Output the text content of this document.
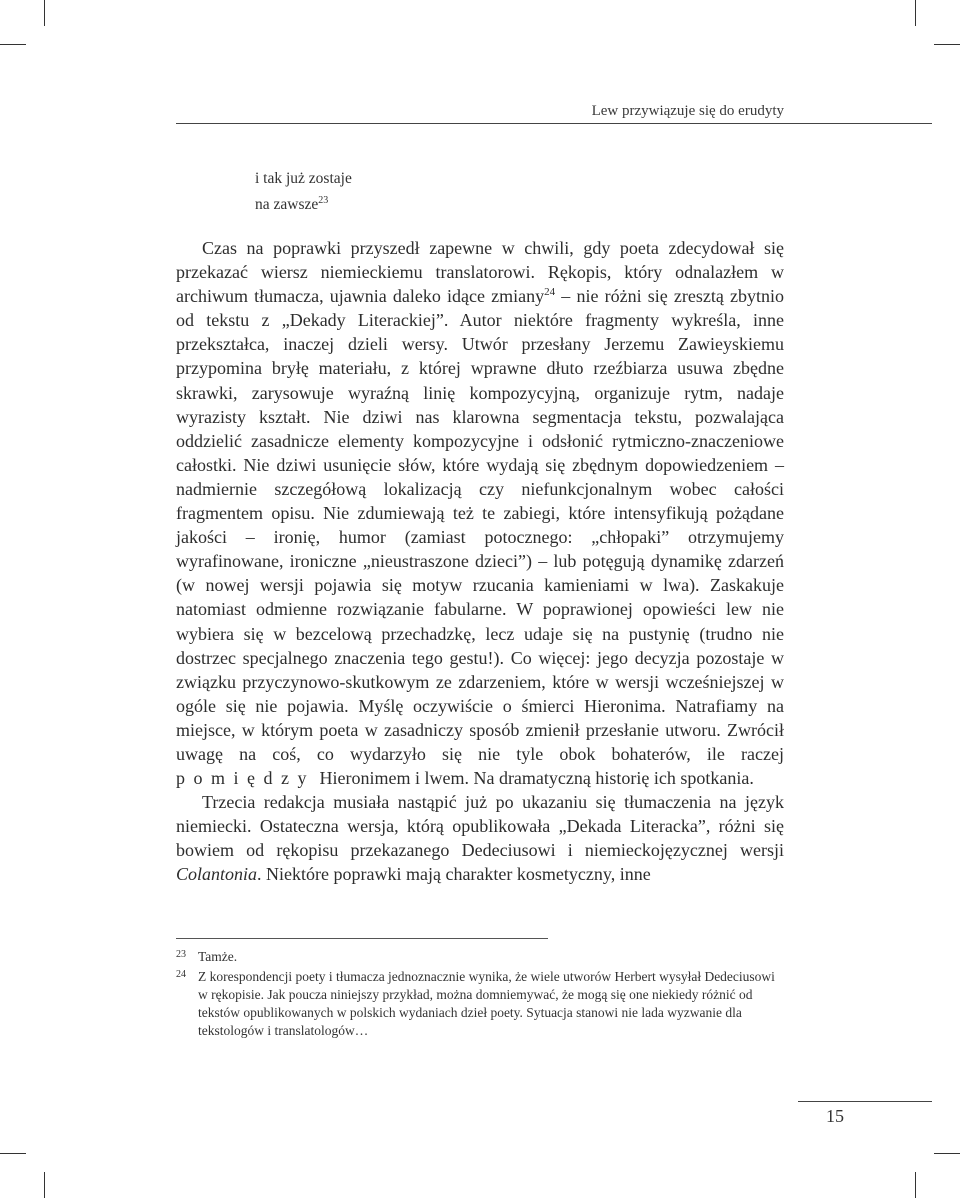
Lew przywiązuje się do erudyty
i tak już zostaje
na zawsze$^{23}$

Czas na poprawki przyszedł zapewne w chwili, gdy poeta zdecydował się przekazać wiersz niemieckiemu translatorowi. Rękopis, który odnalazłem w archiwum tłumacza, ujawnia daleko idące zmiany$^{24}$ – nie różni się zresztą zbytnio od tekstu z „Dekady Literackiej”. Autor niektóre fragmenty wykreśla, inne przekształca, inaczej dzieli wersy. Utwór przesłany Jerzemu Zawieyskiemu przypomina bryłę materiału, z której wprawne dłuto rzeźbiarza usuwa zbędne skrawki, zarysowuje wyraźną linię kompozycyjną, organizuje rytm, nadaje wyrazisty kształt. Nie dziwi nas klarowna segmentacja tekstu, pozwalająca oddzielić zasadnicze elementy kompozycyjne i odsłonić rytmiczno-znaczeniowe całostki. Nie dziwi usunięcie słów, które wydają się zbędnym dopowiedzeniem – nadmiernie szczegółową lokalizacją czy niefunkcjonalnym wobec całości fragmentem opisu. Nie zdumiewają też te zabiegi, które intensyfikują pożądane jakości – ironię, humor (zamiast potocznego: „chłopaki” otrzymujemy wyrafinowane, ironiczne „nieustraszone dzieci”) – lub potęgują dynamikę zdarzeń (w nowej wersji pojawia się motyw rzucania kamieniami w lwa). Zaskakuje natomiast odmienne rozwiązanie fabularne. W poprawionej opowieści lew nie wybiera się w bezcelową przechadzkę, lecz udaje się na pustynię (trudno nie dostrzec specjalnego znaczenia tego gestu!). Co więcej: jego decyzja pozostaje w związku przyczynowo-skutkowym ze zdarzeniem, które w wersji wcześniejszej w ogóle się nie pojawia. Myślę oczywiście o śmierci Hieronima. Natrafiamy na miejsce, w którym poeta w zasadniczy sposób zmienił przesłanie utworu. Zwrócił uwagę na coś, co wydarzyło się nie tyle obok bohaterów, ile raczej pomiędzy Hieronimem i lwem. Na dramatyczną historię ich spotkania.

Trzecia redakcja musiała nastąpić już po ukazaniu się tłumaczenia na język niemiecki. Ostateczna wersja, którą opublikowała „Dekada Literacka”, różni się bowiem od rękopisu przekazanego Dedeciusowi i niemieckojęzycznej wersji Colantonia. Niektóre poprawki mają charakter kosmetyczny, inne

23 Tamże.
24 Z korespondencji poety i tłumacza jednoznacznie wynika, że wiele utworów Herbert wysyłał Dedeciusowi w rękopisie. Jak poucza niniejszy przykład, można domniemywać, że mogą się one niekiedy różnić od tekstów opublikowanych w polskich wydaniach dzieł poety. Sytuacja stanowi nie lada wyzwanie dla tekstologów i translatologów…
15
